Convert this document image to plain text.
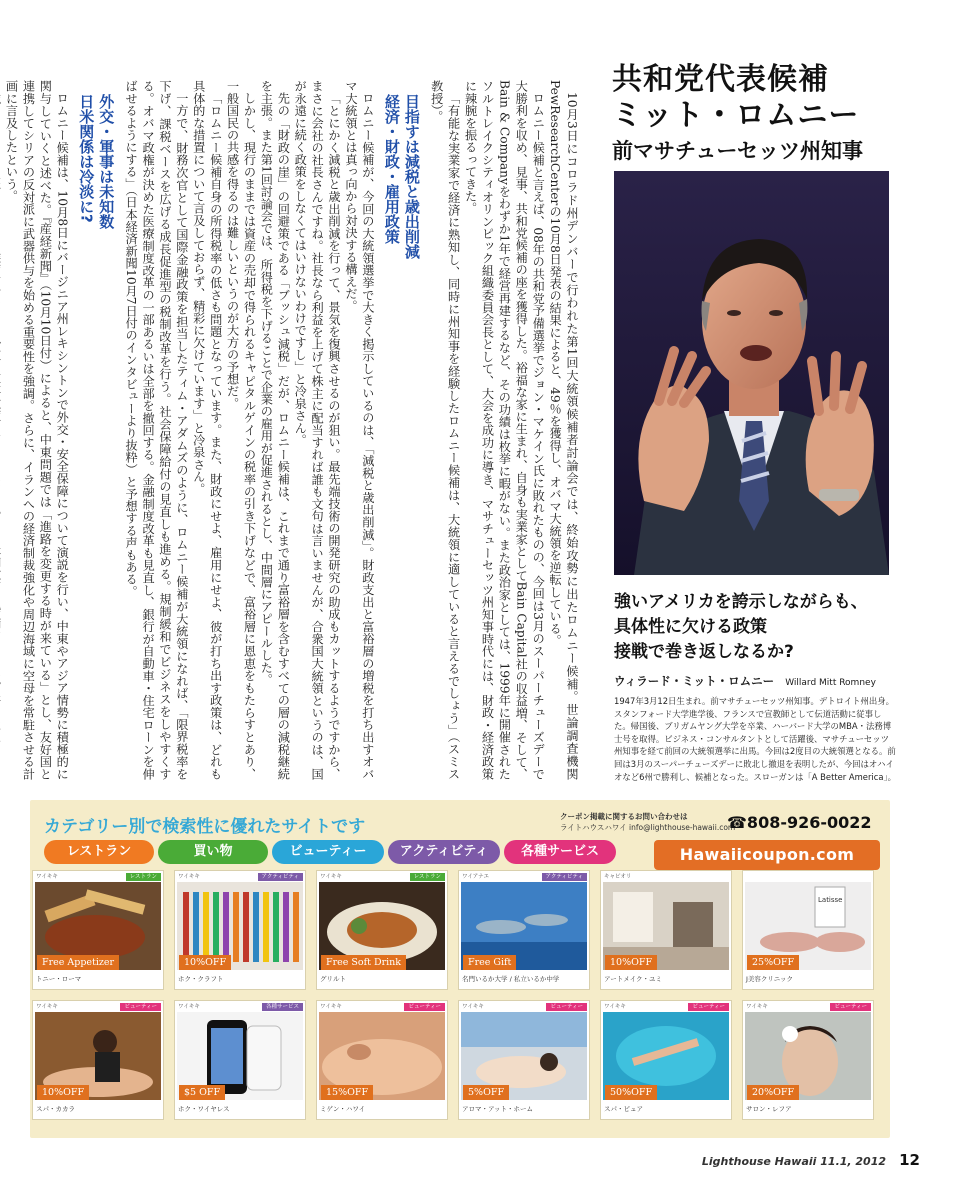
10月3日にコロラド州デンバーで行われた第1回大統領候補者討論会では、終始攻勢に出たロムニー候補。世論調査機関PewResearchCenterの10月8日発表の結果によると、49％を獲得し、オバマ大統領を逆転している。

ロムニー候補と言えば、08年の共和党予備選挙でジョン・マケイン氏に敗れたものの、今回は3月のスーパーチューズデーで大勝利を収め、見事、共和党候補の座を獲得した。裕福な家に生まれ、自身も実業家としてBain Capital社の収益増、そして、Bain & Companyをわずか1年で経営再建するなど、その功績は枚挙に暇がない。また政治家としては、1999年に開催されたソルトレイクシティオリンピック組織委員会長として、大会を成功に導き、マサチューセッツ州知事時代には、財政・経済政策に辣腕を振るってきた。

「有能な実業家で経済に熟知し、同時に州知事を経験したロムニー候補は、大統領に適していると言えるでしょう」（スミス教授）。

目指すは減税と歳出削減
経済・財政・雇用政策

ロムニー候補が、今回の大統領選挙で大きく掲示しているのは、「減税と歳出削減」。財政支出と富裕層の増税を打ち出すオバマ大統領とは真っ向から対決する構えだ。

「とにかく減税と歳出削減を行って、景気を復興させるのが狙い。最先端技術の開発研究の助成もカットするようですから、まさに会社の社長さんですね。社長なら利益を上げて株主に配当すれば誰も文句は言いませんが、合衆国大統領というのは、国が永遠に続く政策をしなくてはいけないわけですし」と冷泉さん。

先の「財政の崖」の回避策である「ブッシュ減税」だが、ロムニー候補は、これまで通り富裕層を含むすべての層の減税継続を主張。また第1回討論会では、所得税を下げることで企業の雇用が促進されるとし、中間層にアピールした。

しかし、現行のままでは資産の売却で得られるキャピタルゲインの税率の引き下げなどで、富裕層に恩恵をもたらすとあり、一般国民の共感を得るのは難しいというのが大方の予想だ。

「ロムニー候補自身の所得税率の低さも問題となっています。また、財政にせよ、雇用にせよ、彼が打ち出す政策は、どれも具体的な措置について言及しておらず、精彩に欠けています」と冷泉さん。

一方で、財務次官として国際金融政策を担当したティム・アダムズのように、ロムニー候補が大統領になれば、「限界税率を下げ、課税ベースを広げる成長促進型の税制改革を行う。社会保障給付の見直しも進める。規制緩和でビジネスをしやすくする。オバマ政権が決めた医療制度改革の一部あるいは全部を撤回する。金融制度改革も見直し、銀行が自動車・住宅ローンを伸ばせるようにする」（日本経済新聞10月7日付のインタビューより抜粋）と予想する声もある。

外交・軍事は未知数
日米関係は冷淡に?

ロムニー候補は、10月8日にバージニア州レキシントンで外交・安全保障について演説を行い、中東やアジア情勢に積極的に関与していくと述べた。『産経新聞』（10月10日付）によると、中東問題では「進路を変更する時が来ている」とし、友好国と連携してシリアの反対派に武器供与を始める重要性を強調。さらに、イランへの経済制裁強化や周辺海域に空母を常駐させる計画に言及したという。

共和党代表候補
ミット・ロムニー
前マサチューセッツ州知事
強いアメリカを誇示しながらも、
具体性に欠ける政策
接戦で巻き返しなるか?
ウィラード・ミット・ロムニー Willard Mitt Romney
1947年3月12日生まれ。前マサチューセッツ州知事。デトロイト州出身。スタンフォード大学進学後、フランスで宣教師として伝道活動に従事した。帰国後、ブリガムヤング大学を卒業、ハーバード大学のMBA・法務博士号を取得。ビジネス・コンサルタントとして活躍後、マサチューセッツ州知事を経て前回の大統領選挙に出馬。今回は2度目の大統領選となる。前回は3月のスーパーチューズデーに敗北し撤退を表明したが、今回はオハイオなど6州で勝利し、候補となった。スローガンは「A Better America」。
カテゴリー別で検索性に優れたサイトです
クーポン掲載に関するお問い合わせは
ライトハウスハワイ info@lighthouse-hawaii.com
☎808-926-0022
レストラン	買い物	ビューティー	アクティビティ	各種サービス	Hawaiicoupon.com
ワイキキ	レストラン
Free Appetizer
トニー・ローマ
ワイキキ	アクティビティ
10%OFF
ホク・クラフト
ワイキキ	レストラン
Free Soft Drink
グリルト
ワイアナエ	アクティビティ
Free Gift
名門いるか大学 / 私立いるか中学
キャピオリ
10%OFF
アートメイク・ユミ
Latisse
25%OFF
J美容クリニック
ワイキキ	ビューティー
10%OFF
スパ・カカラ
ワイキキ	各種サービス
$5 OFF
ホク・ワイヤレス
ワイキキ	ビューティー
15%OFF
ミゲン・ハワイ
ワイキキ	ビューティー
5%OFF
アロマ・アット・ホーム
ワイキキ	ビューティー
50%OFF
スパ・ピュア
ワイキキ	ビューティー
20%OFF
サロン・レフア
Lighthouse Hawaii 11.1, 2012 12
